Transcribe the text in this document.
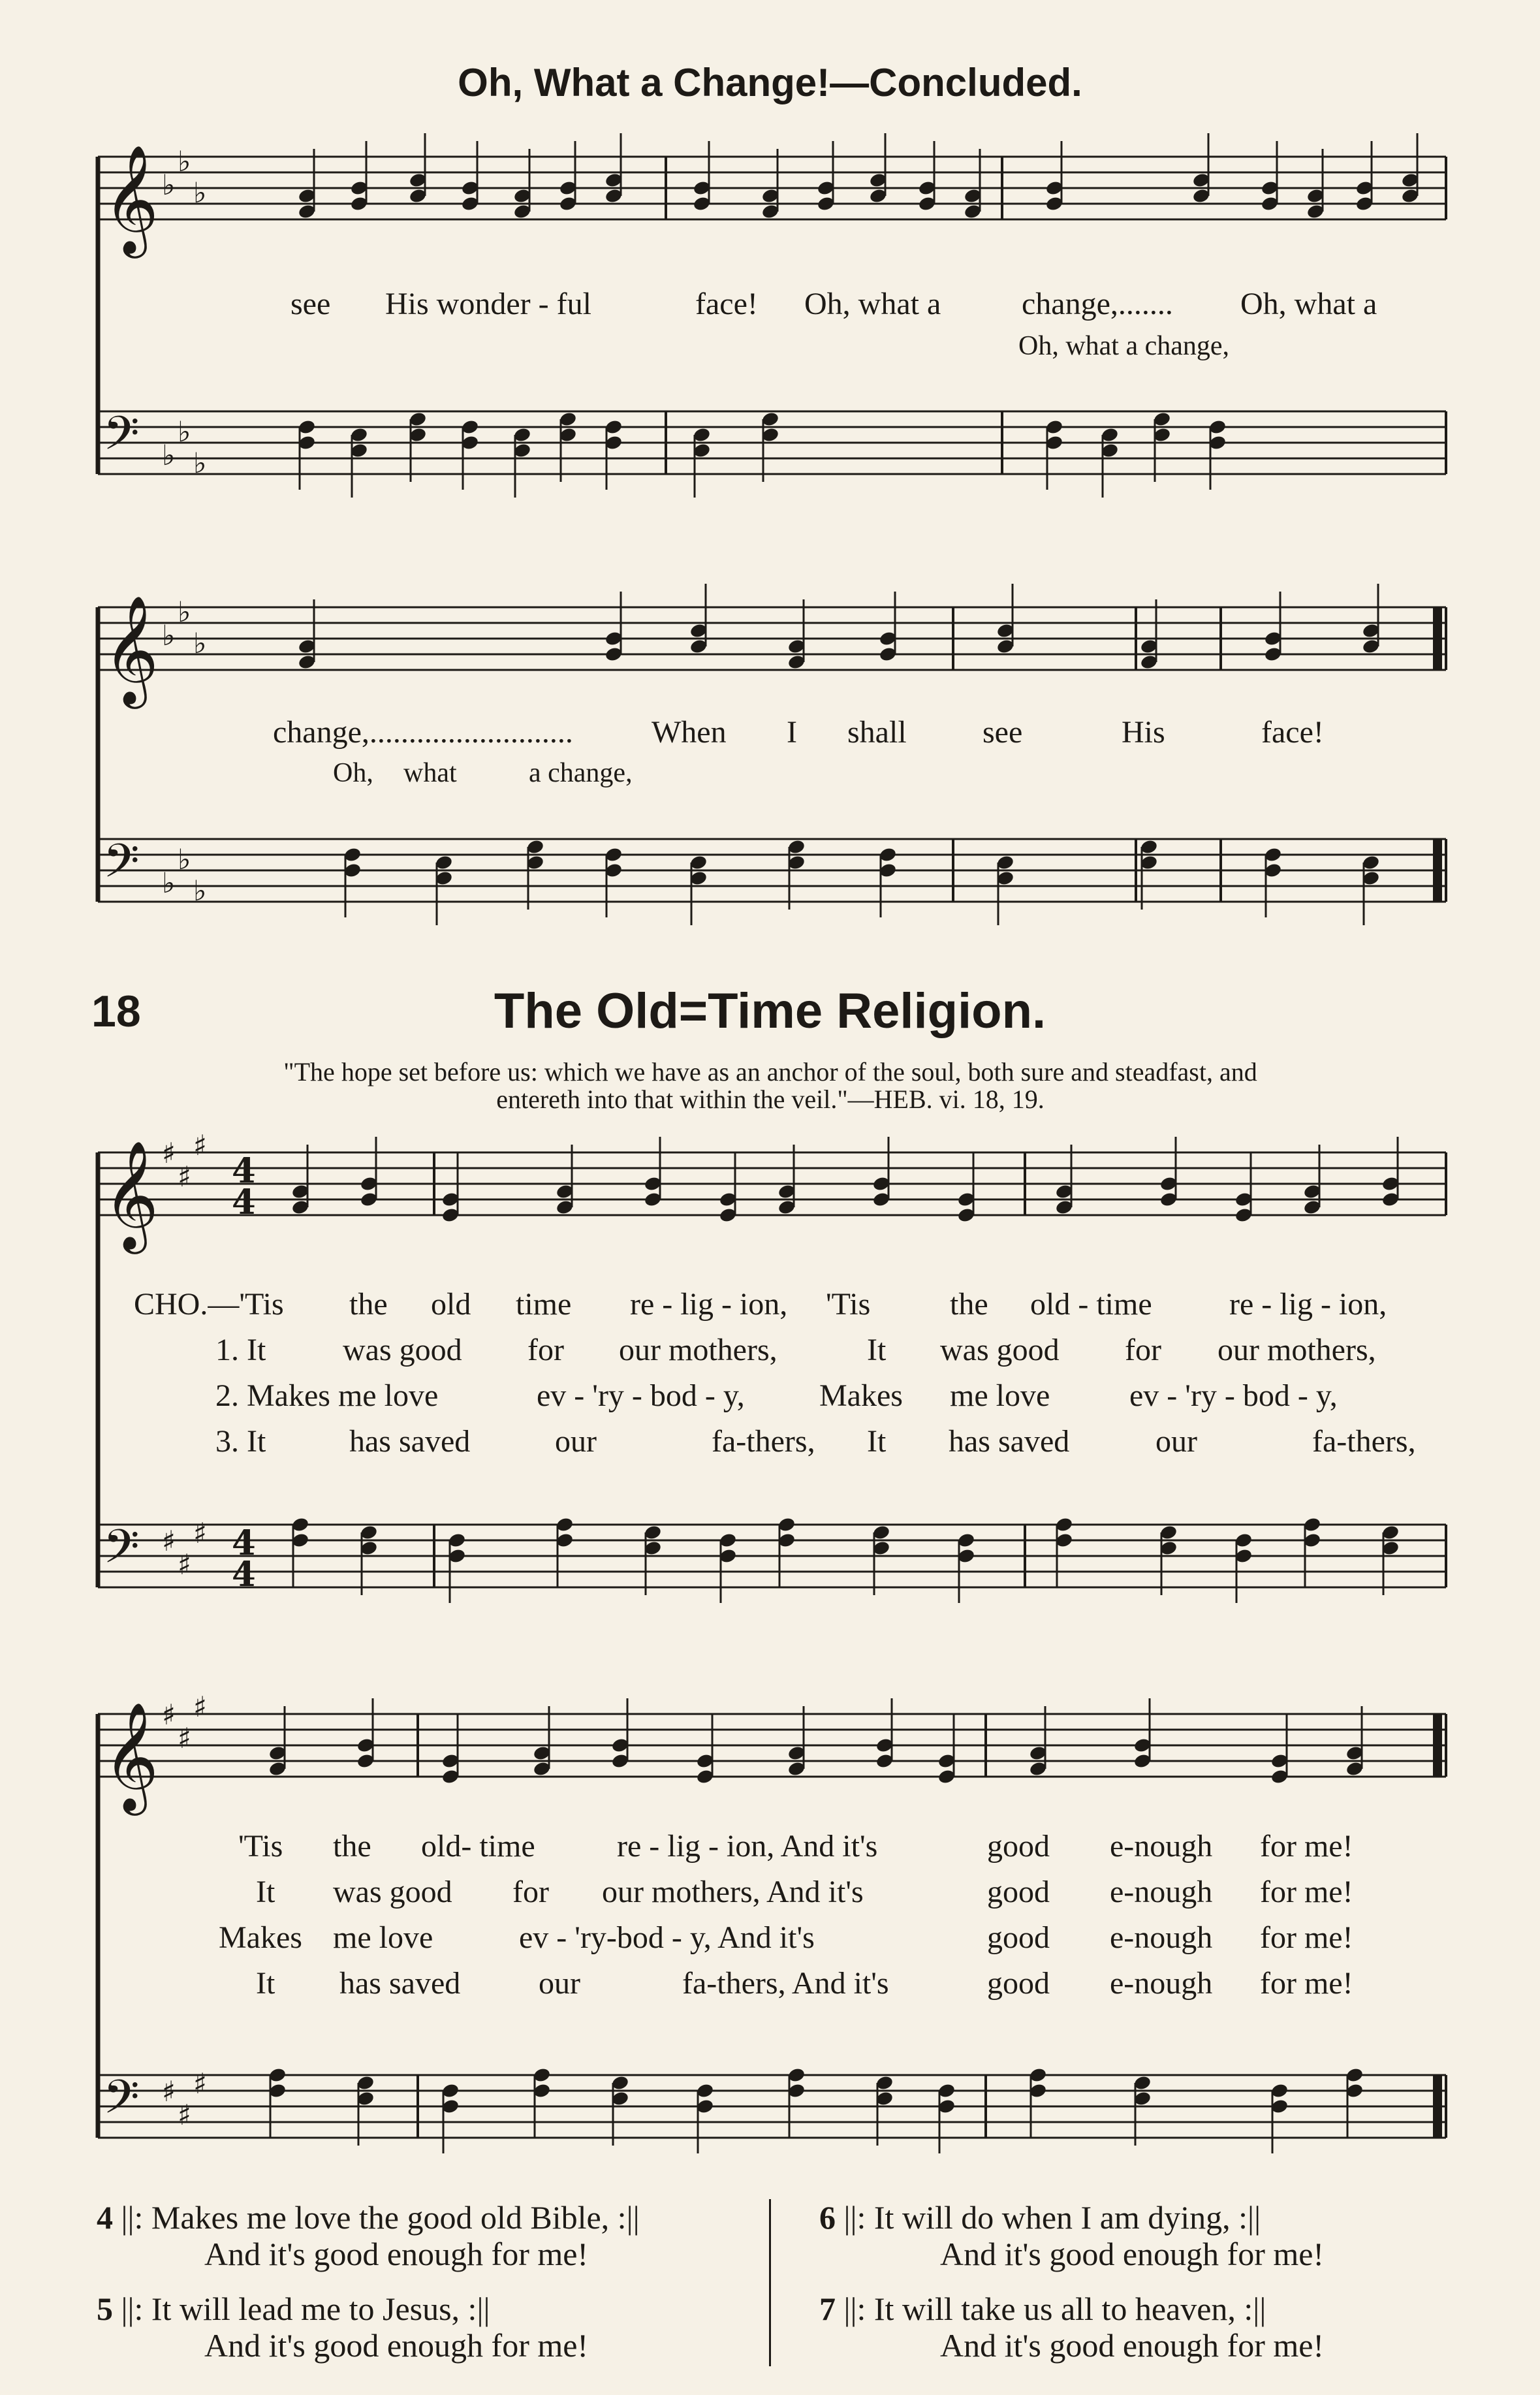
Oh, What a Change!—Concluded.
𝄞 ♭
♭
♭
𝄢 ♭
♭
♭
𝄞 ♭
♭
♭
𝄢 ♭
♭
♭
see His wonder - ful	face! Oh, what a	change,....... Oh, what a
Oh, what a change,
change,..........................	When I shall see	His	face!
Oh, what	a change,
18	The Old=Time Religion.
"The hope set before us: which we have as an anchor of the soul, both sure and steadfast, and
entereth into that within the veil."—HEB. vi. 18, 19.
𝄞 ♯
♯
♯
4
4
𝄢 ♯
♯
♯ 4
4
𝄞 ♯
♯
♯
𝄢 ♯
♯
♯
CHO.—'Tis the old time re - lig - ion, 'Tis	the old - time re - lig - ion,
1. It was good for our mothers,	It was good for our mothers,
2. Makes me love	ev - 'ry - bod - y, Makes me love	ev - 'ry - bod - y,
3. It	has saved	our	fa-thers, It has saved	our	fa-thers,
'Tis the old- time	re - lig - ion, And it's	good e-nough for me!
It was good for our mothers, And it's	good e-nough for me!
Makes me love	ev - 'ry-bod - y, And it's	good e-nough for me!
It has saved our	fa-thers, And it's	good e-nough for me!
4 ||: Makes me love the good old Bible, :||
And it's good enough for me!
5 ||: It will lead me to Jesus, :||
And it's good enough for me!
6 ||: It will do when I am dying, :||
And it's good enough for me!
7 ||: It will take us all to heaven, :||
And it's good enough for me!
